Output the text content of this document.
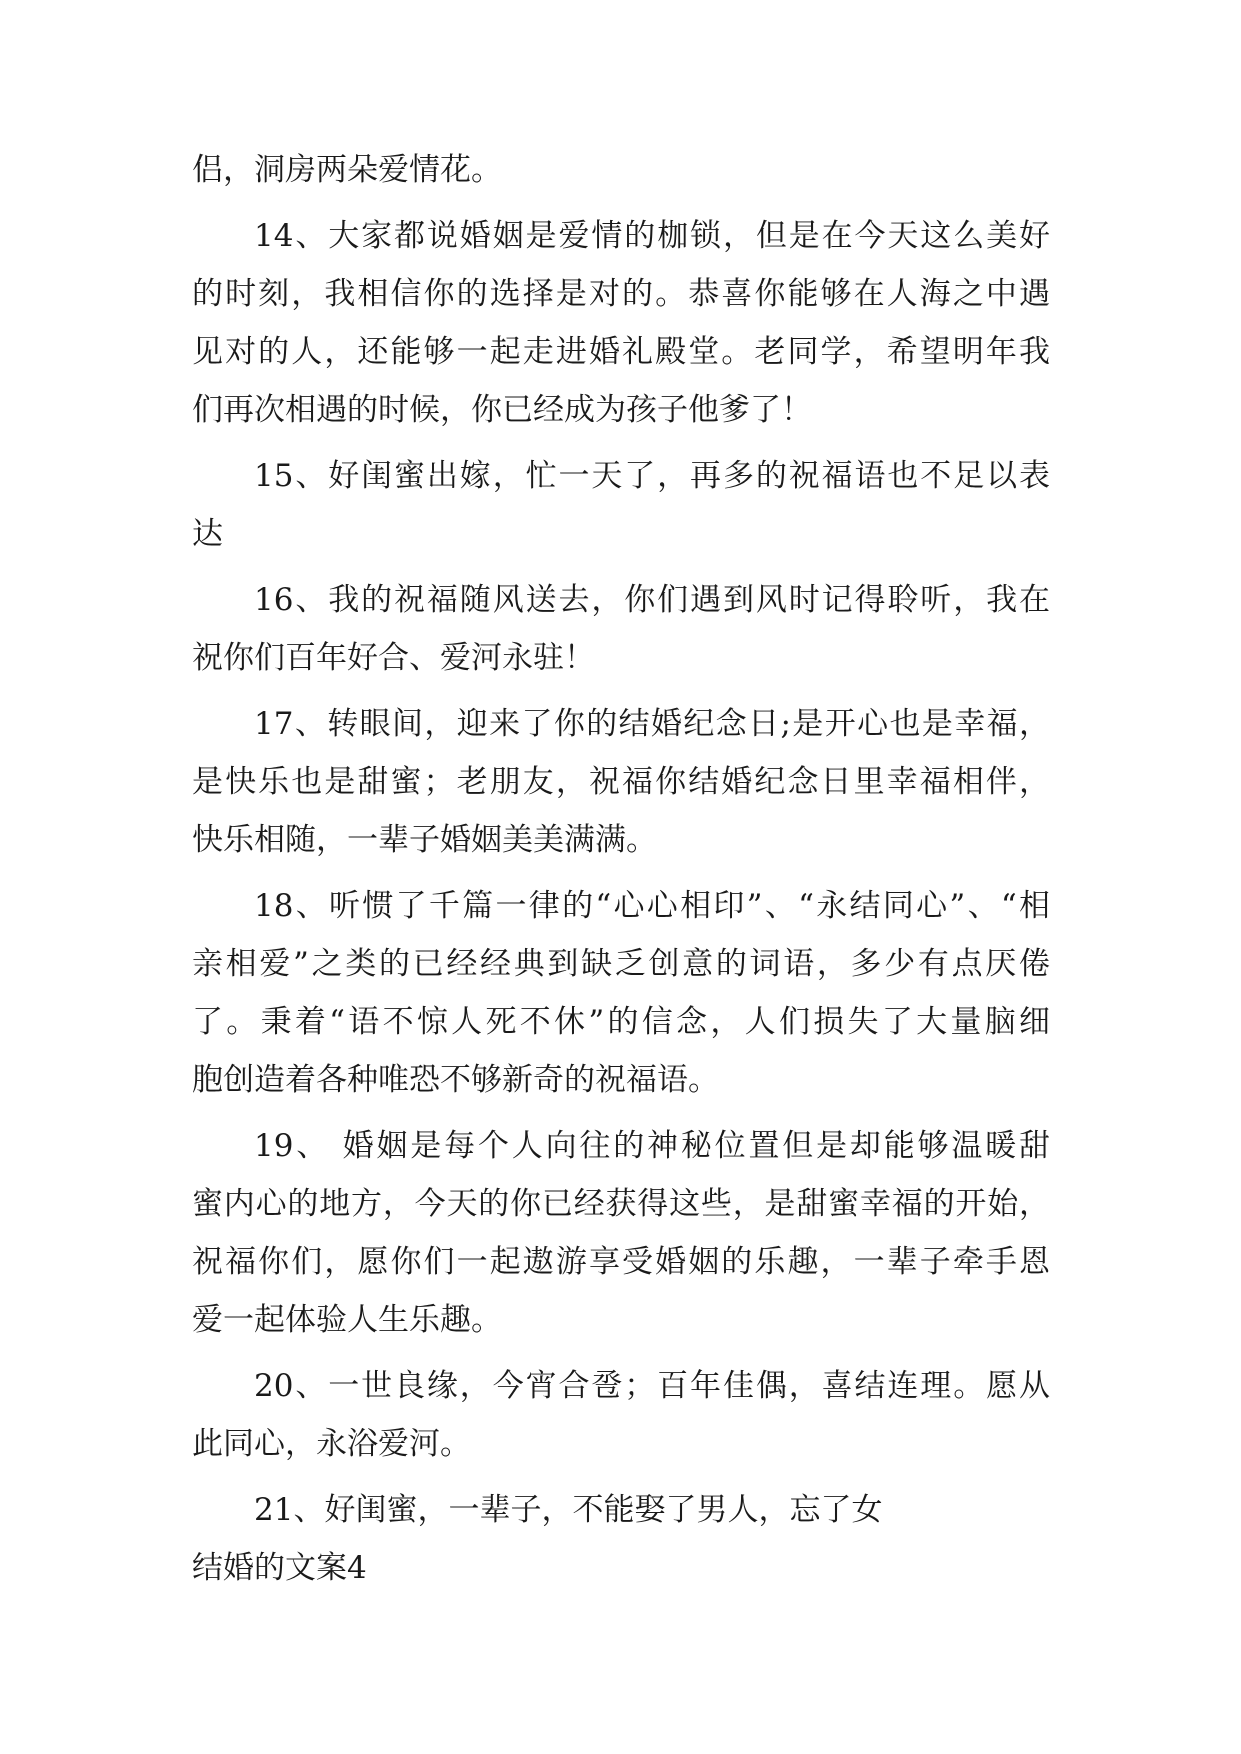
侣，洞房两朵爱情花。
14、大家都说婚姻是爱情的枷锁，但是在今天这么美好
的时刻，我相信你的选择是对的。恭喜你能够在人海之中遇
见对的人，还能够一起走进婚礼殿堂。老同学，希望明年我
们再次相遇的时候，你已经成为孩子他爹了！
15、好闺蜜出嫁，忙一天了，再多的祝福语也不足以表
达
16、我的祝福随风送去，你们遇到风时记得聆听，我在
祝你们百年好合、爱河永驻！
17、转眼间，迎来了你的结婚纪念日;是开心也是幸福，
是快乐也是甜蜜；老朋友，祝福你结婚纪念日里幸福相伴，
快乐相随，一辈子婚姻美美满满。
18、听惯了千篇一律的“心心相印”、“永结同心”、“相
亲相爱”之类的已经经典到缺乏创意的词语，多少有点厌倦
了。秉着“语不惊人死不休”的信念，人们损失了大量脑细
胞创造着各种唯恐不够新奇的祝福语。
19、 婚姻是每个人向往的神秘位置但是却能够温暖甜
蜜内心的地方，今天的你已经获得这些，是甜蜜幸福的开始，
祝福你们，愿你们一起遨游享受婚姻的乐趣，一辈子牵手恩
爱一起体验人生乐趣。
20、一世良缘，今宵合卺；百年佳偶，喜结连理。愿从
此同心，永浴爱河。
21、好闺蜜，一辈子，不能娶了男人，忘了女
结婚的文案4
